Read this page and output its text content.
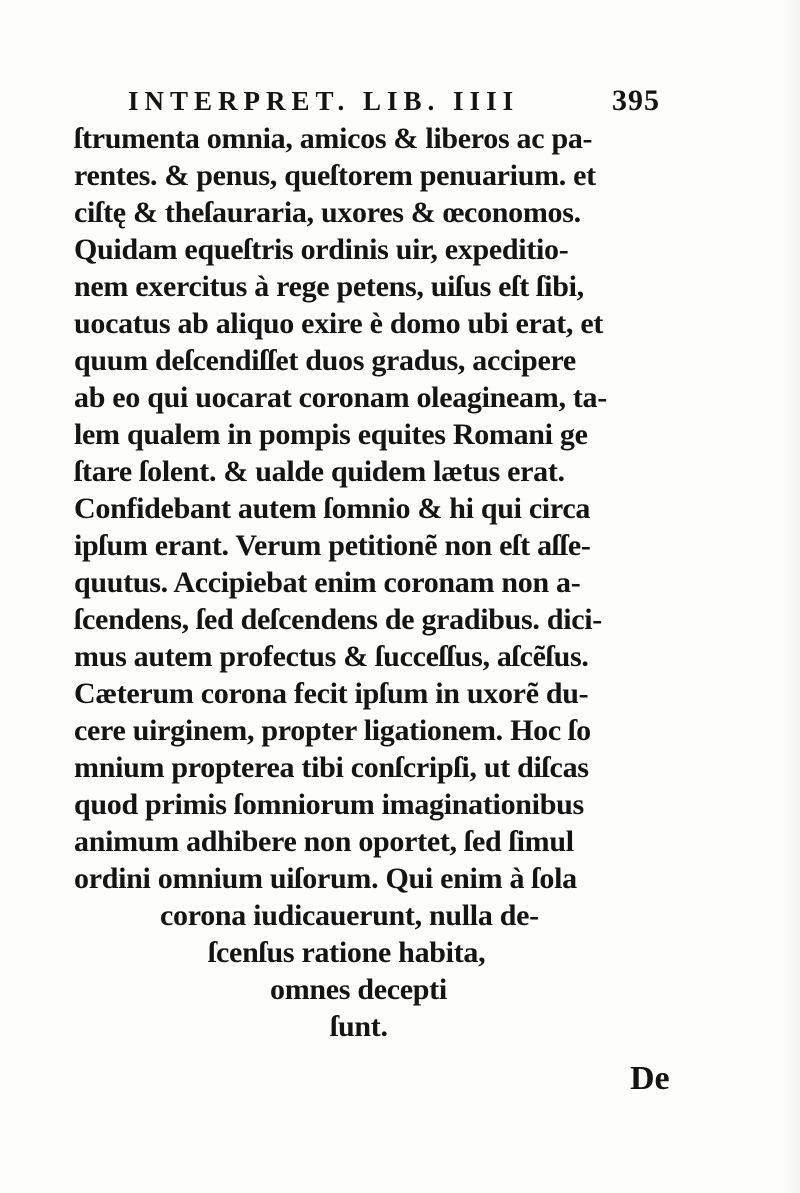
INTERPRET. LIB. IIII	395
ſtrumenta omnia, amicos & liberos ac pa-
rentes. & penus, queſtorem penuarium. et
ciſtę & theſauraria, uxores & œconomos.
Quidam equeſtris ordinis uir, expeditio-
nem exercitus à rege petens, uiſus eſt ſibi,
uocatus ab aliquo exire è domo ubi erat, et
quum deſcendiſſet duos gradus, accipere
ab eo qui uocarat coronam oleagineam, ta-
lem qualem in pompis equites Romani ge
ſtare ſolent. & ualde quidem lætus erat.
Confidebant autem ſomnio & hi qui circa
ipſum erant. Verum petitionẽ non eſt aſſe-
quutus. Accipiebat enim coronam non a-
ſcendens, ſed deſcendens de gradibus. dici-
mus autem profectus & ſucceſſus, aſcẽſus.
Cæterum corona fecit ipſum in uxorẽ du-
cere uirginem, propter ligationem. Hoc ſo
mnium propterea tibi conſcripſi, ut diſcas
quod primis ſomniorum imaginationibus
animum adhibere non oportet, ſed ſimul
ordini omnium uiſorum. Qui enim à ſola
corona iudicauerunt, nulla de-
ſcenſus ratione habita,
omnes decepti
ſunt.
De
